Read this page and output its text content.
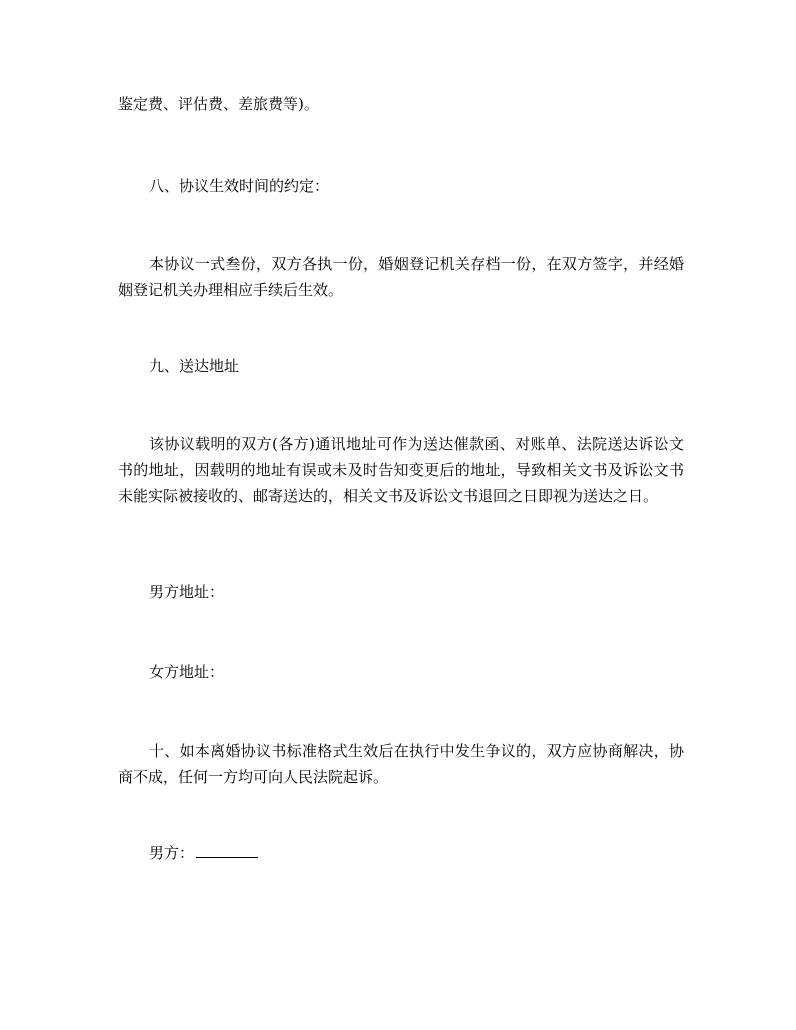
鉴定费、评估费、差旅费等)。

八、协议生效时间的约定：

本协议一式叁份，双方各执一份，婚姻登记机关存档一份，在双方签字，并经婚姻登记机关办理相应手续后生效。

九、送达地址

该协议载明的双方(各方)通讯地址可作为送达催款函、对账单、法院送达诉讼文书的地址，因载明的地址有误或未及时告知变更后的地址，导致相关文书及诉讼文书未能实际被接收的、邮寄送达的，相关文书及诉讼文书退回之日即视为送达之日。

男方地址：

女方地址：

十、如本离婚协议书标准格式生效后在执行中发生争议的，双方应协商解决，协商不成，任何一方均可向人民法院起诉。

男方：
